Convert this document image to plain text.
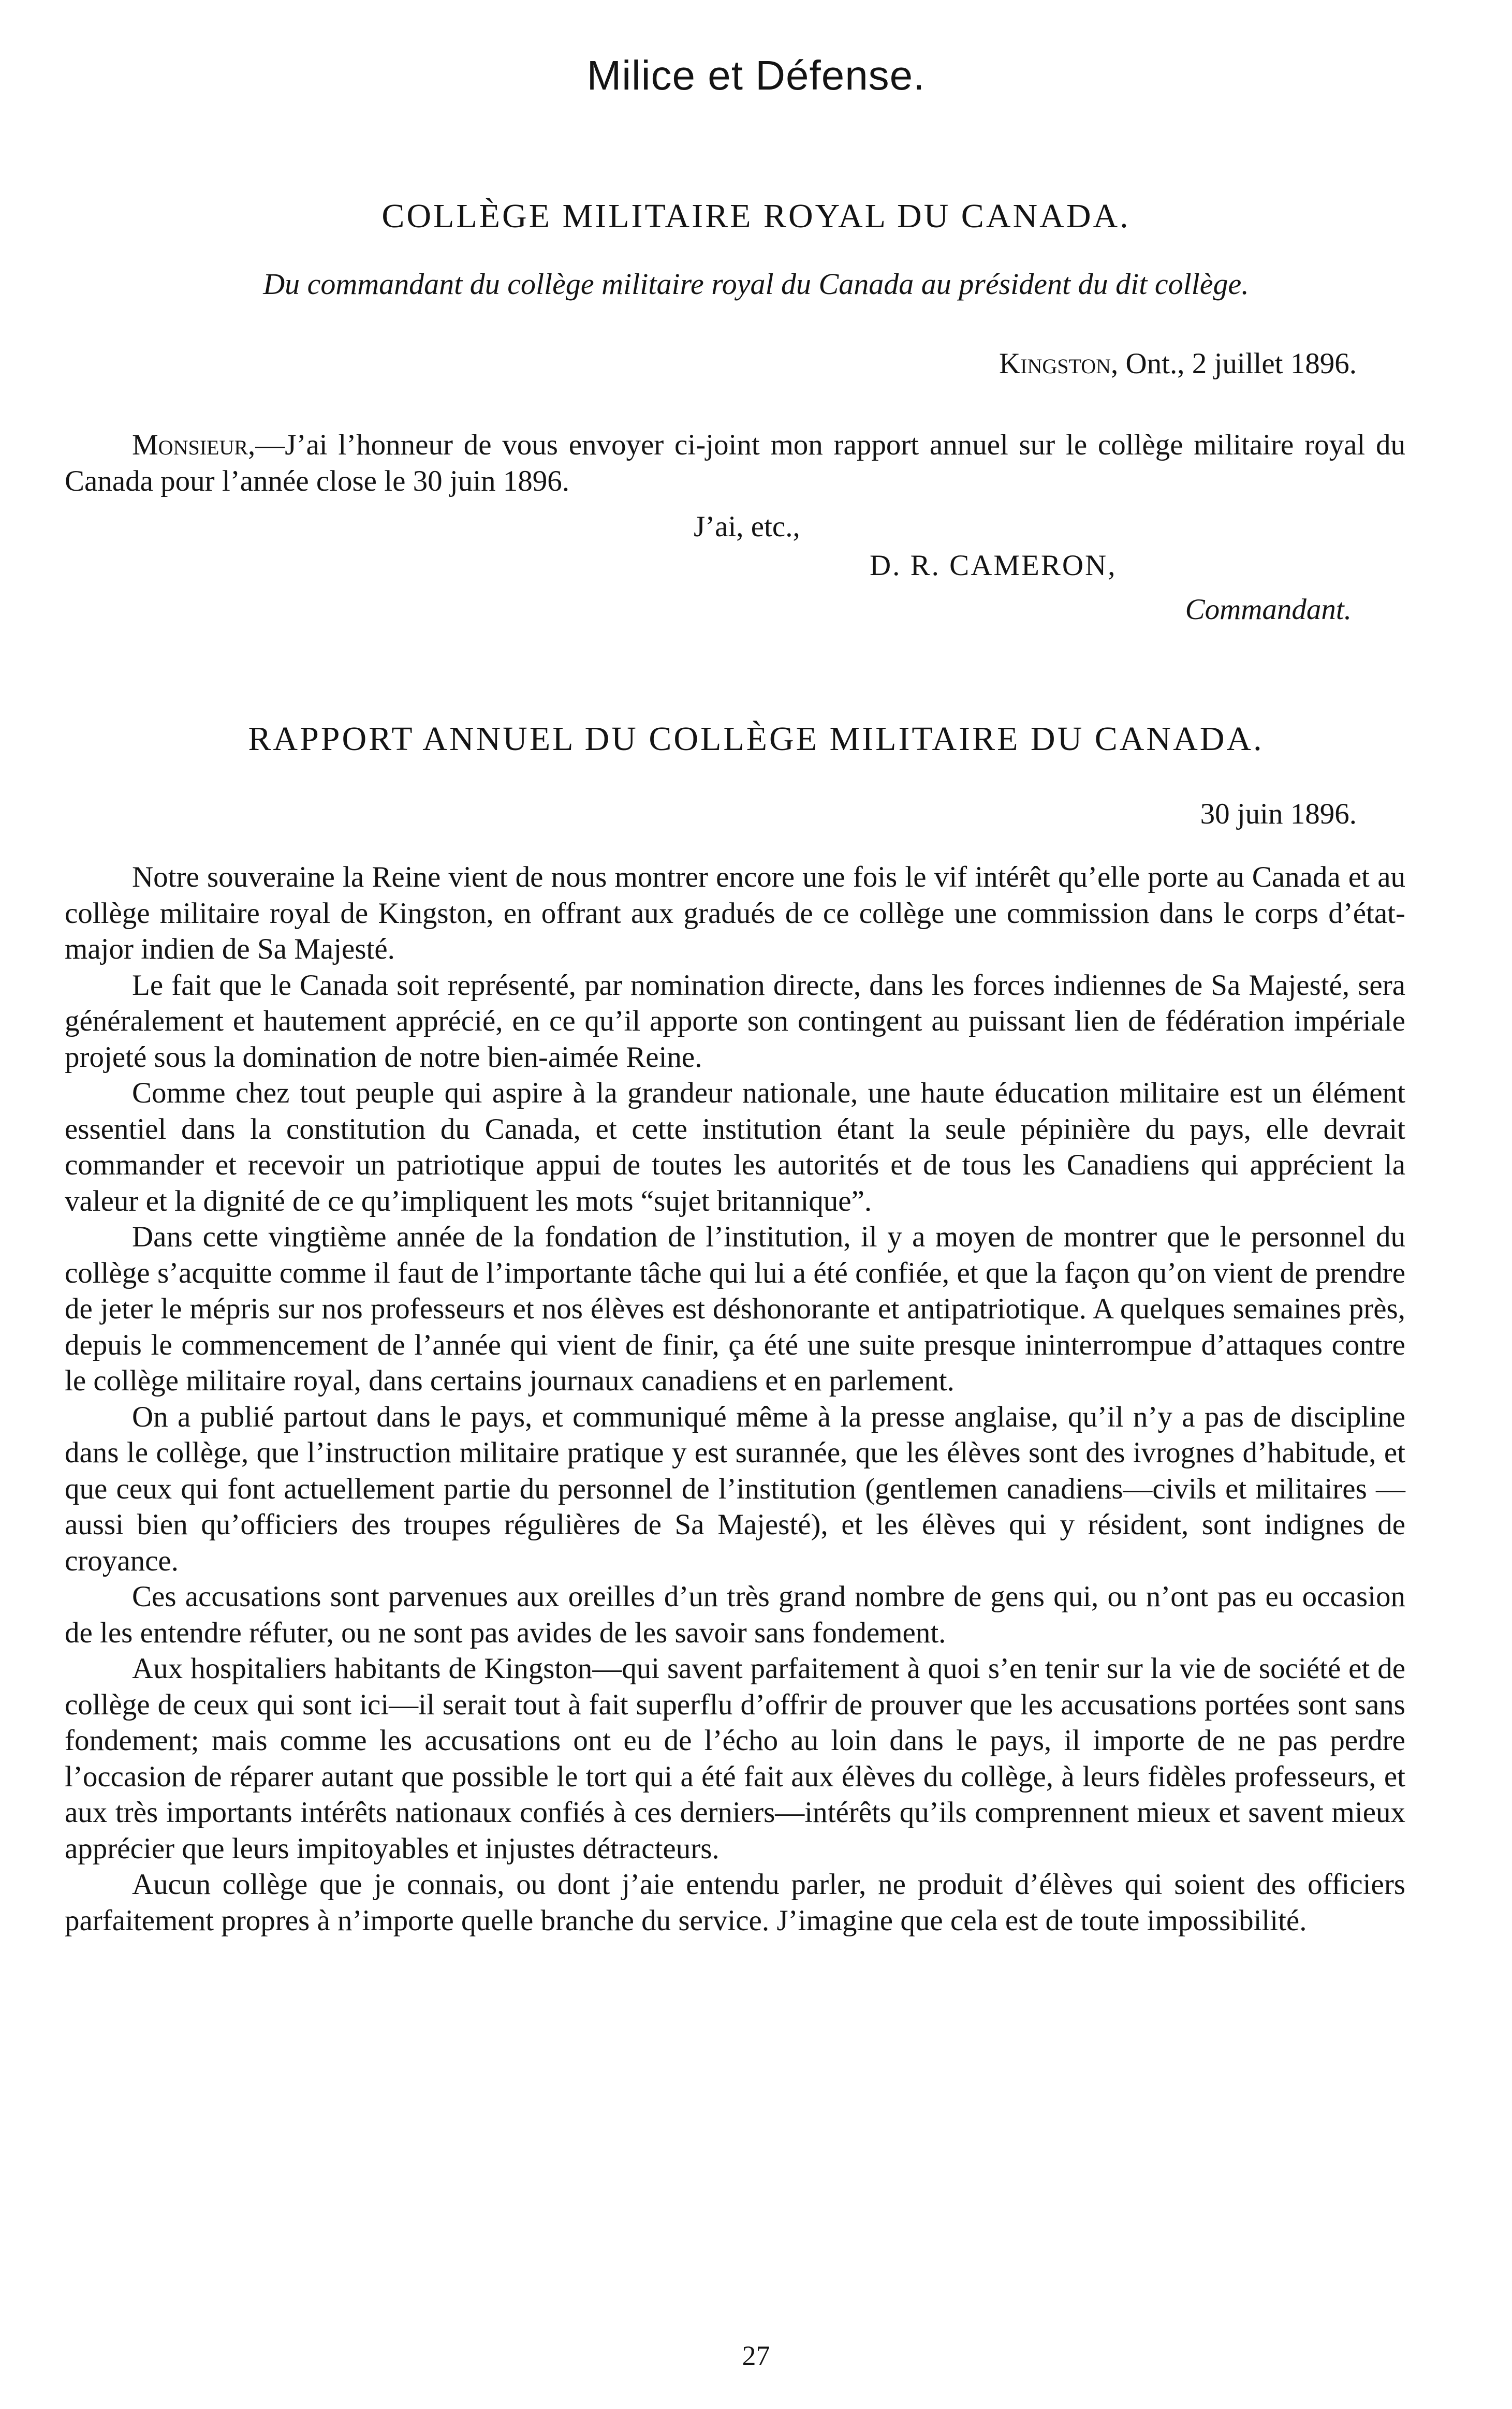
Milice et Défense.
COLLÈGE MILITAIRE ROYAL DU CANADA.
Du commandant du collège militaire royal du Canada au président du dit collège.
Kingston, Ont., 2 juillet 1896.

Monsieur,—J’ai l’honneur de vous envoyer ci-joint mon rapport annuel sur le collège militaire royal du Canada pour l’année close le 30 juin 1896.

J’ai, etc.,
D. R. CAMERON,
Commandant.
RAPPORT ANNUEL DU COLLÈGE MILITAIRE DU CANADA.
30 juin 1896.

Notre souveraine la Reine vient de nous montrer encore une fois le vif intérêt qu’elle porte au Canada et au collège militaire royal de Kingston, en offrant aux gradués de ce collège une commission dans le corps d’état-major indien de Sa Majesté.

Le fait que le Canada soit représenté, par nomination directe, dans les forces indiennes de Sa Majesté, sera généralement et hautement apprécié, en ce qu’il apporte son contingent au puissant lien de fédération impériale projeté sous la domination de notre bien-aimée Reine.

Comme chez tout peuple qui aspire à la grandeur nationale, une haute éducation militaire est un élément essentiel dans la constitution du Canada, et cette institution étant la seule pépinière du pays, elle devrait commander et recevoir un patriotique appui de toutes les autorités et de tous les Canadiens qui apprécient la valeur et la dignité de ce qu’impliquent les mots “sujet britannique”.

Dans cette vingtième année de la fondation de l’institution, il y a moyen de montrer que le personnel du collège s’acquitte comme il faut de l’importante tâche qui lui a été confiée, et que la façon qu’on vient de prendre de jeter le mépris sur nos professeurs et nos élèves est déshonorante et antipatriotique. A quelques semaines près, depuis le commencement de l’année qui vient de finir, ça été une suite presque ininterrompue d’attaques contre le collège militaire royal, dans certains journaux canadiens et en parlement.

On a publié partout dans le pays, et communiqué même à la presse anglaise, qu’il n’y a pas de discipline dans le collège, que l’instruction militaire pratique y est surannée, que les élèves sont des ivrognes d’habitude, et que ceux qui font actuellement partie du personnel de l’institution (gentlemen canadiens—civils et militaires —aussi bien qu’officiers des troupes régulières de Sa Majesté), et les élèves qui y résident, sont indignes de croyance.

Ces accusations sont parvenues aux oreilles d’un très grand nombre de gens qui, ou n’ont pas eu occasion de les entendre réfuter, ou ne sont pas avides de les savoir sans fondement.

Aux hospitaliers habitants de Kingston—qui savent parfaitement à quoi s’en tenir sur la vie de société et de collège de ceux qui sont ici—il serait tout à fait superflu d’offrir de prouver que les accusations portées sont sans fondement; mais comme les accusations ont eu de l’écho au loin dans le pays, il importe de ne pas perdre l’occasion de réparer autant que possible le tort qui a été fait aux élèves du collège, à leurs fidèles professeurs, et aux très importants intérêts nationaux confiés à ces derniers—intérêts qu’ils comprennent mieux et savent mieux apprécier que leurs impitoyables et injustes détracteurs.

Aucun collège que je connais, ou dont j’aie entendu parler, ne produit d’élèves qui soient des officiers parfaitement propres à n’importe quelle branche du service. J’imagine que cela est de toute impossibilité.

27
